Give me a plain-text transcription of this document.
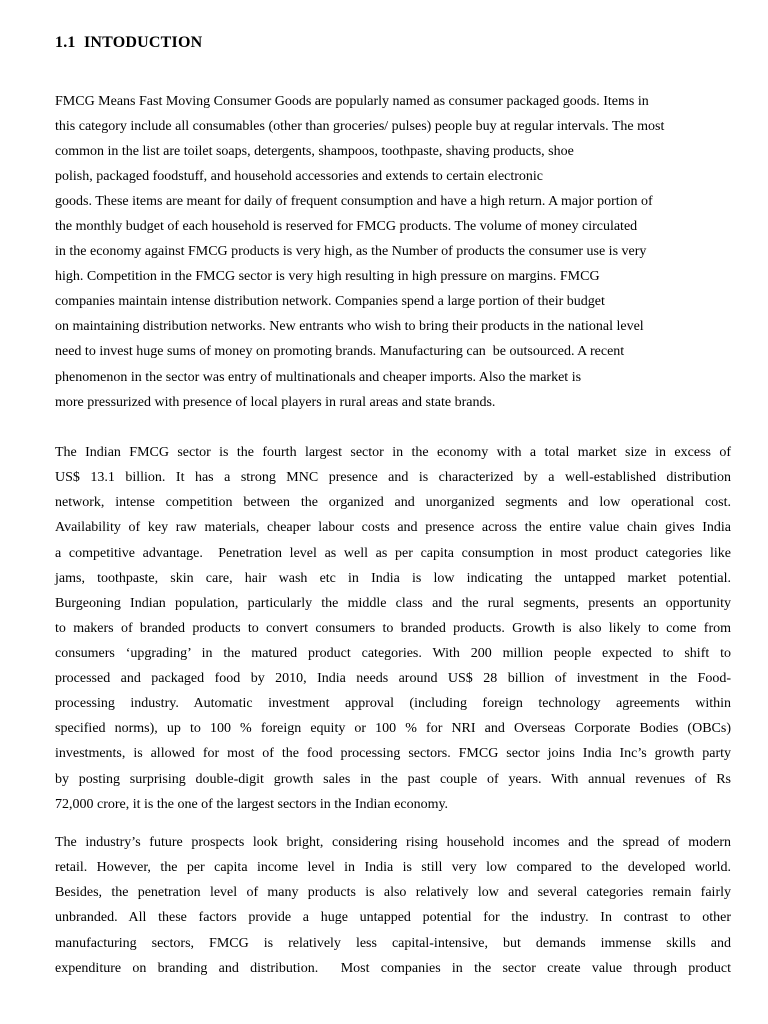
1.1  INTODUCTION
FMCG Means Fast Moving Consumer Goods are popularly named as consumer packaged goods. Items in
this category include all consumables (other than groceries/ pulses) people buy at regular intervals. The most
common in the list are toilet soaps, detergents, shampoos, toothpaste, shaving products, shoe
polish, packaged foodstuff, and household accessories and extends to certain electronic
goods. These items are meant for daily of frequent consumption and have a high return. A major portion of
the monthly budget of each household is reserved for FMCG products. The volume of money circulated
in the economy against FMCG products is very high, as the Number of products the consumer use is very
high. Competition in the FMCG sector is very high resulting in high pressure on margins. FMCG
companies maintain intense distribution network. Companies spend a large portion of their budget
on maintaining distribution networks. New entrants who wish to bring their products in the national level
need to invest huge sums of money on promoting brands. Manufacturing can  be outsourced. A recent
phenomenon in the sector was entry of multinationals and cheaper imports. Also the market is
more pressurized with presence of local players in rural areas and state brands.
The Indian FMCG sector is the fourth largest sector in the economy with a total market size in excess of
US$ 13.1 billion. It has a strong MNC presence and is characterized by a well-established distribution
network, intense competition between the organized and unorganized segments and low operational cost.
Availability of key raw materials, cheaper labour costs and presence across the entire value chain gives India
a competitive advantage.  Penetration level as well as per capita consumption in most product categories like
jams, toothpaste, skin care, hair wash etc in India is low indicating the untapped market potential.
Burgeoning Indian population, particularly the middle class and the rural segments, presents an opportunity
to makers of branded products to convert consumers to branded products. Growth is also likely to come from
consumers ‘upgrading’ in the matured product categories. With 200 million people expected to shift to
processed and packaged food by 2010, India needs around US$ 28 billion of investment in the Food-
processing industry. Automatic investment approval (including foreign technology agreements within
specified norms), up to 100 % foreign equity or 100 % for NRI and Overseas Corporate Bodies (OBCs)
investments, is allowed for most of the food processing sectors. FMCG sector joins India Inc’s growth party
by posting surprising double-digit growth sales in the past couple of years. With annual revenues of Rs
72,000 crore, it is the one of the largest sectors in the Indian economy.
The industry’s future prospects look bright, considering rising household incomes and the spread of modern
retail. However, the per capita income level in India is still very low compared to the developed world.
Besides, the penetration level of many products is also relatively low and several categories remain fairly
unbranded. All these factors provide a huge untapped potential for the industry. In contrast to other
manufacturing sectors, FMCG is relatively less capital-intensive, but demands immense skills and
expenditure on branding and distribution.  Most companies in the sector create value through product
